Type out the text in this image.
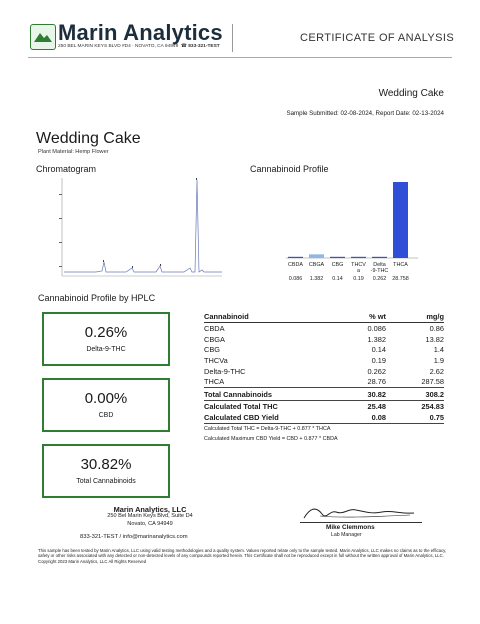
Marin Analytics
250 BEL MARIN KEYS BLVD #D4 · NOVATO, CA 94949 ☎ 833-321-TEST
CERTIFICATE OF ANALYSIS
Wedding Cake
Sample Submitted: 02-08-2024, Report Date: 02-13-2024
Wedding Cake
Plant Material: Hemp Flower
Chromatogram	Cannabinoid Profile
Cannabinoid Profile by HPLC
CBDA
0.086
CBGA
1.382
CBG
0.14
THCV
a
0.19
Delta
-9-THC
0.262
THCA
28.758
0.26%
Delta-9-THC
0.00%
CBD
30.82%
Total Cannabinoids
Cannabinoid	% wt	mg/g
CBDA	0.086	0.86
CBGA	1.382	13.82
CBG	0.14	1.4
THCVa	0.19	1.9
Delta-9-THC	0.262	2.62
THCA	28.76	287.58
Total Cannabinoids	30.82	308.2
Calculated Total THC	25.48	254.83
Calculated CBD Yield	0.08	0.75
Calculated Total THC = Delta-9-THC + 0.877 * THCA
Calculated Maximum CBD Yield = CBD + 0.877 * CBDA
Marin Analytics, LLC
250 Bel Marin Keys Blvd, Suite D4
Novato, CA 94949
833-321-TEST / info@marinanalytics.com
Mike Clemmons
Lab Manager
This sample has been tested by Marin Analytics, LLC using valid testing methodologies and a quality system. Values reported relate only to the sample tested. Marin Analytics, LLC makes no claims as to the efficacy, safety or other risks associated with any detected or non-detected levels of any compounds reported herein. This Certificate shall not be reproduced except in full without the written approval of Marin Analytics, LLC. Copyright 2023 Marin Analytics, LLC All Rights Reserved
